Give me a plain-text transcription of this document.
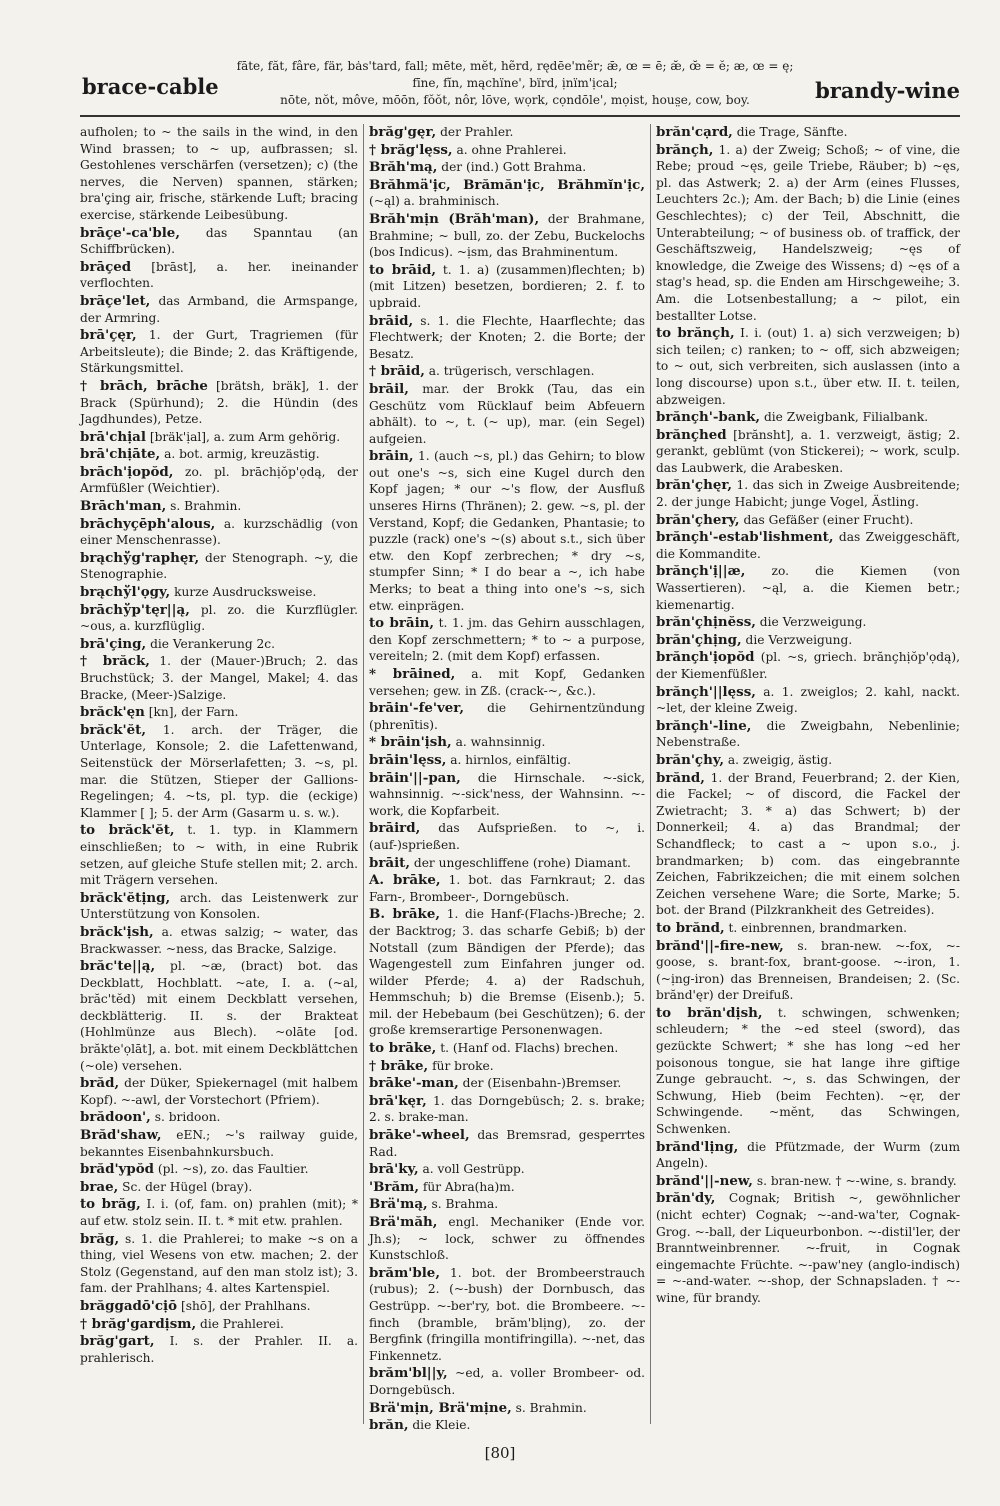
brace-cable
fāte, făt, fâre, fär, bȧs'tard, fall; mēte, mĕt, hẽrd, rędēe'mẽr; ǣ, œ = ē; æ̆, œ̆ = ĕ; æ, œ = ę;
fīne, fĭn, mąchïne', bïrd, ịnïm'ịcal;
nōte, nŏt, môve, mōōn, fŏŏt, nôr, lōve, wọrk, cọndōle', mọist, hous̤e, cow, boy.	brandy-wine
aufholen; to ~ the sails in the wind, in den Wind brassen; to ~ up, aufbrassen; sl. Gestohlenes verschärfen (versetzen); c) (the nerves, die Nerven) spannen, stärken; bra'ç̧ing air, frische, stärkende Luft; bracing exercise, stärkende Leibesübung.
brāçe'-ca'ble, das Spanntau (an Schiffbrücken).
brāçed [brāst], a. her. ineinander verflochten.
brāçe'let, das Armband, die Armspange, der Armring.
brā'çęr, 1. der Gurt, Tragriemen (für Arbeitsleute); die Binde; 2. das Kräftigende, Stärkungsmittel.
† brāch, brāche [brätsh, bräk], 1. der Brack (Spürhund); 2. die Hündin (des Jagdhundes), Petze.
brā'chịal [bräk'ịal], a. zum Arm gehörig.
brā'chịāte, a. bot. armig, kreuzästig.
brāch'ịopŏd, zo. pl. brāchịŏp'ọdą, der Armfüßler (Weichtier).
Brāch'man, s. Brahmin.
brāchyçēph'alous, a. kurzschädlig (von einer Menschenrasse).
brąchўg'raphęr, der Stenograph. ~y, die Stenographie.
brąchўl'ọgy, kurze Ausdrucksweise.
brāchўp'tęr||ą, pl. zo. die Kurzflügler. ~ous, a. kurzflüglig.
brā'çing, die Verankerung 2c.
† brăck, 1. der (Mauer-)Bruch; 2. das Bruchstück; 3. der Mangel, Makel; 4. das Bracke, (Meer-)Salzige.
brăck'ęn [kn], der Farn.
brăck'ĕt, 1. arch. der Träger, die Unterlage, Konsole; 2. die Lafettenwand, Seitenstück der Mörserlafetten; 3. ~s, pl. mar. die Stützen, Stieper der Gallions-Regelingen; 4. ~ts, pl. typ. die (eckige) Klammer [ ]; 5. der Arm (Gasarm u. s. w.).
to brăck'ĕt, t. 1. typ. in Klammern einschließen; to ~ with, in eine Rubrik setzen, auf gleiche Stufe stellen mit; 2. arch. mit Trägern versehen.
brăck'ĕtịng, arch. das Leistenwerk zur Unterstützung von Konsolen.
brăck'ịsh, a. etwas salzig; ~ water, das Brackwasser. ~ness, das Bracke, Salzige.
brăc'te||ą, pl. ~æ, (bract) bot. das Deckblatt, Hochblatt. ~ate, I. a. (~al, brăc'tĕd) mit einem Deckblatt versehen, deckblätterig. II. s. der Brakteat (Hohlmünze aus Blech). ~olāte [od. brăkte'ọlāt], a. bot. mit einem Deckblättchen (~ole) versehen.
brăd, der Düker, Spiekernagel (mit halbem Kopf). ~-awl, der Vorstechort (Pfriem).
brădoon', s. bridoon.
Brăd'shaw, eEN.; ~'s railway guide, bekanntes Eisenbahnkursbuch.
brăd'ypŏd (pl. ~s), zo. das Faultier.
brae, Sc. der Hügel (bray).
to brăg, I. i. (of, fam. on) prahlen (mit); * auf etw. stolz sein. II. t. * mit etw. prahlen.
brăg, s. 1. die Prahlerei; to make ~s on a thing, viel Wesens von etw. machen; 2. der Stolz (Gegenstand, auf den man stolz ist); 3. fam. der Prahlhans; 4. altes Kartenspiel.
brăggadō'cịō [shō], der Prahlhans.
† brăg'gardịsm, die Prahlerei.
brăg'gart, I. s. der Prahler. II. a. prahlerisch.
brăg'gęr, der Prahler.
† brăg'lęss, a. ohne Prahlerei.
Brăh'mą, der (ind.) Gott Brahma.
Brăhmä'ịc, Brămăn'ịc, Brăhmĭn'ịc, (~ąl) a. brahminisch.
Brăh'mịn (Brăh'man), der Brahmane, Brahmine; ~ bull, zo. der Zebu, Buckelochs (bos Indicus). ~ịsm, das Brahminentum.
to brāid, t. 1. a) (zusammen)flechten; b) (mit Litzen) besetzen, bordieren; 2. f. to upbraid.
brāid, s. 1. die Flechte, Haarflechte; das Flechtwerk; der Knoten; 2. die Borte; der Besatz.
† brāid, a. trügerisch, verschlagen.
brāil, mar. der Brokk (Tau, das ein Geschütz vom Rücklauf beim Abfeuern abhält). to ~, t. (~ up), mar. (ein Segel) aufgeien.
brāin, 1. (auch ~s, pl.) das Gehirn; to blow out one's ~s, sich eine Kugel durch den Kopf jagen; * our ~'s flow, der Ausfluß unseres Hirns (Thränen); 2. gew. ~s, pl. der Verstand, Kopf; die Gedanken, Phantasie; to puzzle (rack) one's ~(s) about s.t., sich über etw. den Kopf zerbrechen; * dry ~s, stumpfer Sinn; * I do bear a ~, ich habe Merks; to beat a thing into one's ~s, sich etw. einprägen.
to brāin, t. 1. jm. das Gehirn ausschlagen, den Kopf zerschmettern; * to ~ a purpose, vereiteln; 2. (mit dem Kopf) erfassen.
* brāined, a. mit Kopf, Gedanken versehen; gew. in Zß. (crack-~, &c.).
brāin'-fe'ver, die Gehirnentzündung (phrenītis).
* brāin'ịsh, a. wahnsinnig.
brāin'lęss, a. hirnlos, einfältig.
brāin'||-pan, die Hirnschale. ~-sick, wahnsinnig. ~-sick'ness, der Wahnsinn. ~-work, die Kopfarbeit.
brāird, das Aufsprießen. to ~, i. (auf-)sprießen.
brāit, der ungeschliffene (rohe) Diamant.
A. brāke, 1. bot. das Farnkraut; 2. das Farn-, Brombeer-, Dorngebüsch.
B. brāke, 1. die Hanf-(Flachs-)Breche; 2. der Backtrog; 3. das scharfe Gebiß; b) der Notstall (zum Bändigen der Pferde); das Wagengestell zum Einfahren junger od. wilder Pferde; 4. a) der Radschuh, Hemmschuh; b) die Bremse (Eisenb.); 5. mil. der Hebebaum (bei Geschützen); 6. der große kremserartige Personenwagen.
to brāke, t. (Hanf od. Flachs) brechen.
† brāke, für broke.
brāke'-man, der (Eisenbahn-)Bremser.
brā'kęr, 1. das Dorngebüsch; 2. s. brake; 2. s. brake-man.
brāke'-wheel, das Bremsrad, gesperrtes Rad.
brā'ky, a. voll Gestrüpp.
'Brăm, für Abra(ha)m.
Brä'mą, s. Brahma.
Brä'măh, engl. Mechaniker (Ende vor. Jh.s); ~ lock, schwer zu öffnendes Kunstschloß.
brăm'ble, 1. bot. der Brombeerstrauch (rubus); 2. (~-bush) der Dornbusch, das Gestrüpp. ~-ber'ry, bot. die Brombeere. ~-finch (bramble, brăm'blịng), zo. der Bergfink (fringilla montifringilla). ~-net, das Finkennetz.
brăm'bl||y, ~ed, a. voller Brombeer- od. Dorngebüsch.
Brä'mịn, Brä'mịne, s. Brahmin.
brăn, die Kleie.
brăn'cạrd, die Trage, Sänfte.
brănçh, 1. a) der Zweig; Schoß; ~ of vine, die Rebe; proud ~ęs, geile Triebe, Räuber; b) ~ęs, pl. das Astwerk; 2. a) der Arm (eines Flusses, Leuchters 2c.); Am. der Bach; b) die Linie (eines Geschlechtes); c) der Teil, Abschnitt, die Unterabteilung; ~ of business ob. of traffick, der Geschäftszweig, Handelszweig; ~ęs of knowledge, die Zweige des Wissens; d) ~ęs of a stag's head, sp. die Enden am Hirschgeweihe; 3. Am. die Lotsenbestallung; a ~ pilot, ein bestallter Lotse.
to brănçh, I. i. (out) 1. a) sich verzweigen; b) sich teilen; c) ranken; to ~ off, sich abzweigen; to ~ out, sich verbreiten, sich auslassen (into a long discourse) upon s.t., über etw. II. t. teilen, abzweigen.
brănçh'-bank, die Zweigbank, Filialbank.
brănçhed [brănsht], a. 1. verzweigt, ästig; 2. gerankt, geblümt (von Stickerei); ~ work, sculp. das Laubwerk, die Arabesken.
brăn'çhęr, 1. das sich in Zweige Ausbreitende; 2. der junge Habicht; junge Vogel, Ästling.
brăn'çhery, das Gefäßer (einer Frucht).
brănçh'-estab'lishment, das Zweiggeschäft, die Kommandite.
brănçh'ị||æ, zo. die Kiemen (von Wassertieren). ~ąl, a. die Kiemen betr.; kiemenartig.
brăn'çhịnĕss, die Verzweigung.
brăn'çhịng, die Verzweigung.
brănçh'ịopŏd (pl. ~s, griech. brănçhịŏp'ọdą), der Kiemenfüßler.
brănçh'||lęss, a. 1. zweiglos; 2. kahl, nackt. ~let, der kleine Zweig.
brănçh'-line, die Zweigbahn, Nebenlinie; Nebenstraße.
brăn'çhy, a. zweigig, ästig.
brănd, 1. der Brand, Feuerbrand; 2. der Kien, die Fackel; ~ of discord, die Fackel der Zwietracht; 3. * a) das Schwert; b) der Donnerkeil; 4. a) das Brandmal; der Schandfleck; to cast a ~ upon s.o., j. brandmarken; b) com. das eingebrannte Zeichen, Fabrikzeichen; die mit einem solchen Zeichen versehene Ware; die Sorte, Marke; 5. bot. der Brand (Pilzkrankheit des Getreides).
to brănd, t. einbrennen, brandmarken.
brănd'||-fire-new, s. bran-new. ~-fox, ~-goose, s. brant-fox, brant-goose. ~-iron, 1. (~ịng-iron) das Brenneisen, Brandeisen; 2. (Sc. brănd'ęr) der Dreifuß.
to brăn'dịsh, t. schwingen, schwenken; schleudern; * the ~ed steel (sword), das gezückte Schwert; * she has long ~ed her poisonous tongue, sie hat lange ihre giftige Zunge gebraucht. ~, s. das Schwingen, der Schwung, Hieb (beim Fechten). ~ęr, der Schwingende. ~mĕnt, das Schwingen, Schwenken.
brănd'lịng, die Pfützmade, der Wurm (zum Angeln).
brănd'||-new, s. bran-new. † ~-wine, s. brandy.
brăn'dy, Cognak; British ~, gewöhnlicher (nicht echter) Cognak; ~-and-wa'ter, Cognak-Grog. ~-ball, der Liqueurbonbon. ~-distil'ler, der Branntweinbrenner. ~-fruit, in Cognak eingemachte Früchte. ~-paw'ney (anglo-indisch) = ~-and-water. ~-shop, der Schnapsladen. † ~-wine, für brandy.
[80]
